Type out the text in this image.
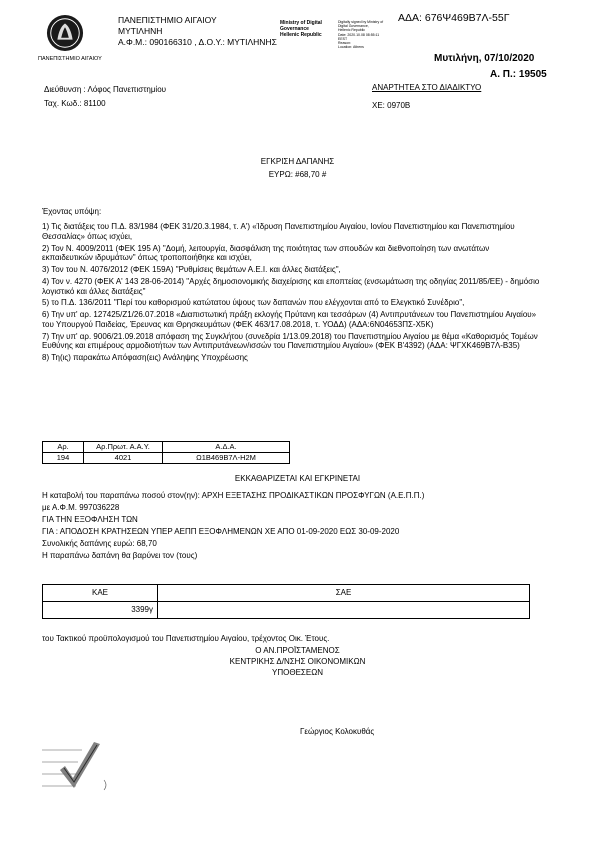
ΠΑΝΕΠΙΣΤΗΜΙΟ ΑΙΓΑΙΟΥ
ΠΑΝΕΠΙΣΤΗΜΙΟ ΑΙΓΑΙΟΥ
ΜΥΤΙΛΗΝΗ
Α.Φ.Μ.: 090166310 , Δ.Ο.Υ.: ΜΥΤΙΛΗΝΗΣ
Ministry of Digital
Governance
Hellenic Republic
Digitally signed by Ministry of
Digital Governance,
Hellenic Republic
Date: 2020.10.08 08:55:11
EEST
Reason:
Location: Athens
ΑΔΑ: 676Ψ469Β7Λ-55Γ
Μυτιλήνη, 07/10/2020
Α. Π.: 19505
Διεύθυνση : Λόφος Πανεπιστημίου
Ταχ. Κωδ.: 81100
ΑΝΑΡΤΗΤΕΑ ΣΤΟ ΔΙΑΔΙΚΤΥΟ
ΧΕ: 0970Β
ΕΓΚΡΙΣΗ ΔΑΠΑΝΗΣ
ΕΥΡΩ: #68,70 #
Έχοντας υπόψη:
1) Τις διατάξεις του Π.Δ. 83/1984 (ΦΕΚ 31/20.3.1984, τ. Α') «Ίδρυση Πανεπιστημίου Αιγαίου, Ιονίου Πανεπιστημίου και Πανεπιστημίου Θεσσαλίας» όπως ισχύει,
2) Τον Ν. 4009/2011 (ΦΕΚ 195 Α) "Δομή, λειτουργία, διασφάλιση της ποιότητας των σπουδών και διεθνοποίηση των ανωτάτων εκπαιδευτικών ιδρυμάτων" όπως τροποποιήθηκε και ισχύει,
3) Τον του Ν. 4076/2012 (ΦΕΚ 159Α) "Ρυθμίσεις θεμάτων Α.Ε.Ι. και άλλες διατάξεις",
4) Τον ν. 4270 (ΦΕΚ Α' 143 28-06-2014) "Αρχές δημοσιονομικής διαχείρισης και εποπτείας (ενσωμάτωση της οδηγίας 2011/85/ΕΕ) - δημόσιο λογιστικό και άλλες διατάξεις"
5) το Π.Δ. 136/2011 "Περί του καθορισμού κατώτατου ύψους των δαπανών που ελέγχονται από το Ελεγκτικό Συνέδριο",
6) Την υπ' αρ. 127425/Ζ1/26.07.2018 «Διαπιστωτική πράξη εκλογής Πρύτανη και τεσσάρων (4) Αντιπρυτάνεων του Πανεπιστημίου Αιγαίου» του Υπουργού Παιδείας, Έρευνας και Θρησκευμάτων (ΦΕΚ 463/17.08.2018, τ. ΥΟΔΔ) (ΑΔΑ:6Ν04653ΠΣ-Χ5Κ)
7) Την υπ' αρ. 9006/21.09.2018 απόφαση της Συγκλήτου (συνεδρία 1/13.09.2018) του Πανεπιστημίου Αιγαίου με θέμα «Καθορισμός Τομέων Ευθύνης και επιμέρους αρμοδιοτήτων των Αντιπρυτάνεων/ισσών του Πανεπιστημίου Αιγαίου» (ΦΕΚ Β'4392) (ΑΔΑ: ΨΓΧΚ469Β7Λ-Β35)
8) Τη(ις) παρακάτω Απόφαση(εις) Ανάληψης Υποχρέωσης
Αρ.	Αρ.Πρωτ. Α.Α.Υ.	Α.Δ.Α.
194	4021	Ω1Β469Β7Λ-Η2Μ
ΕΚΚΑΘΑΡΙΖΕΤΑΙ ΚΑΙ ΕΓΚΡΙΝΕΤΑΙ
Η καταβολή του παραπάνω ποσού στον(ην): ΑΡΧΗ ΕΞΕΤΑΣΗΣ ΠΡΟΔΙΚΑΣΤΙΚΩΝ ΠΡΟΣΦΥΓΩΝ (Α.Ε.Π.Π.)
με Α.Φ.Μ. 997036228
ΓΙΑ ΤΗΝ ΕΞΟΦΛΗΣΗ ΤΩΝ
ΓΙΑ : ΑΠΟΔΟΣΗ ΚΡΑΤΗΣΕΩΝ ΥΠΕΡ ΑΕΠΠ ΕΞΟΦΛΗΜΕΝΩΝ ΧΕ ΑΠΟ 01-09-2020 ΕΩΣ 30-09-2020
Συνολικής δαπάνης ευρώ: 68,70
Η παραπάνω δαπάνη θα βαρύνει τον (τους)
ΚΑΕ	ΣΑΕ
3399γ	
του Τακτικού προϋπολογισμού του Πανεπιστημίου Αιγαίου, τρέχοντος Οικ. Έτους.
Ο ΑΝ.ΠΡΟΪΣΤΑΜΕΝΟΣ
ΚΕΝΤΡΙΚΗΣ Δ/ΝΣΗΣ ΟΙΚΟΝΟΜΙΚΩΝ
ΥΠΟΘΕΣΕΩΝ
Γεώργιος Κολοκυθάς
